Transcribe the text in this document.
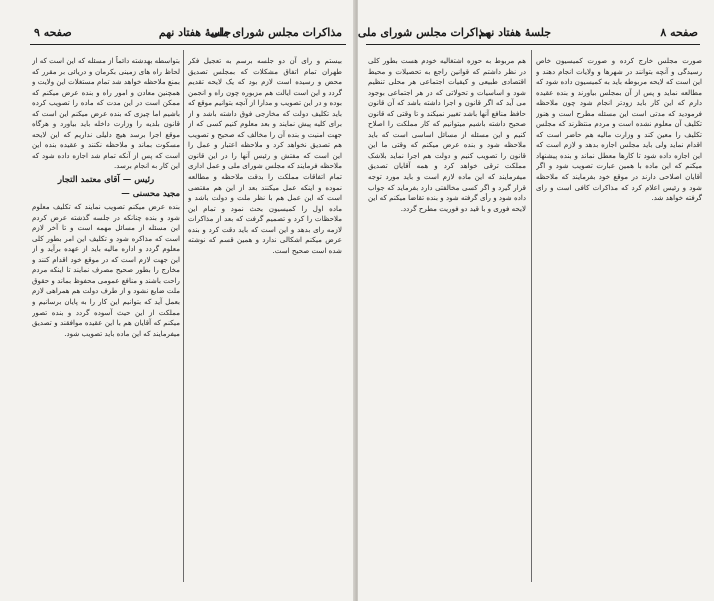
صفحه ۹	جلسهٔ هفتاد نهم
مذاکرات مجلس شورای ملی

بیستم و رای آن دو جلسه برسم به تعجیل فکر طهران تمام اتفاق مشکلات که بمجلس تصدیق محض و رسیده است لازم بود که یک لایحه تقدیم گردد و این است ایالت هم مزبوره چون راه و انجمن بوده و در این تصویب و مدارا از آنچه بتوانیم موقع که باید تکلیف دولت که مخارجی فوق داشته باشد و از برای کلیه پیش نمایند و بعد معلوم کنیم کسی که از جهت امنیت و بنده آن را مخالف که صحیح و تصویب هم تصدیق نخواهد کرد و ملاحظه اعتبار و عمل را این است که مفتش و رئیس آنها را در این قانون ملاحظه فرمایند که مجلس شورای ملی و عمل اداری تمام اتفاقات مملکت را بدقت ملاحظه و مطالعه نموده و اینکه عمل میکنند بعد از این هم مقتضی است که این عمل هم با نظر ملت و دولت باشد و ماده اول را کمیسیون بحث نمود و تمام این ملاحظات را کرد و تصمیم گرفت که بعد از مذاکرات لازمه رای بدهد و این است که باید دقت کرد و بنده عرض میکنم اشکالی ندارد و همین قسم که نوشته شده است صحیح است.

بتواسطه بهدشته دائماً از مسئله که این است که از لحاظ راه های زمینی بکرمان و دریائی بر مقرر که بمنع ملاحظه خواهد شد تمام مستغلات این ولایت و همچنین معادن و امور راه و بنده عرض میکنم که ممکن است در این مدت که ماده را تصویب کرده باشیم اما چیزی که بنده عرض میکنم این است که قانون بلدیه را وزارت داخله باید بیاورد و هرگاه موقع اجرا برسد هیچ دلیلی نداریم که این لایحه مسکوت بماند و ملاحظه نکنند و عقیده بنده این است که پس از آنکه تمام شد اجازه داده شود که این کار به انجام برسد.

رئیس — آقای معتمد التجار
مجید محسنی —

بنده عرض میکنم تصویب نمایند که تکلیف معلوم شود و بنده چنانکه در جلسه گذشته عرض کردم این مسئله از مسائل مهمه است و تا آخر لازم است که مذاکره شود و تکلیف این امر بطور کلی معلوم گردد و اداره مالیه باید از عهده برآید و از این جهت لازم است که در موقع خود اقدام کنند و مخارج را بطور صحیح مصرف نمایند تا اینکه مردم راحت باشند و منافع عمومی محفوظ بماند و حقوق ملت ضایع نشود و از طرف دولت هم همراهی لازم بعمل آید که بتوانیم این کار را به پایان برسانیم و مملکت از این حیث آسوده گردد و بنده تصور میکنم که آقایان هم با این عقیده موافقند و تصدیق میفرمایند که این ماده باید تصویب شود.

مذاکرات مجلس شورای ملی
جلسهٔ هفتاد نهم	صفحه ۸

صورت مجلس خارج کرده و صورت کمیسیون خاص رسیدگی و آنچه بتوانند در شهرها و ولایات انجام دهند و این است که لایحه مربوطه باید به کمیسیون داده شود که مطالعه نماید و پس از آن بمجلس بیاورند و بنده عقیده دارم که این کار باید زودتر انجام شود چون ملاحظه فرمودید که مدتی است این مسئله مطرح است و هنوز تکلیف آن معلوم نشده است و مردم منتظرند که مجلس تکلیف را معین کند و وزارت مالیه هم حاضر است که اقدام نماید ولی باید مجلس اجازه بدهد و لازم است که این اجازه داده شود تا کارها معطل نماند و بنده پیشنهاد میکنم که این ماده با همین عبارت تصویب شود و اگر آقایان اصلاحی دارند در موقع خود بفرمایند که ملاحظه شود و رئیس اعلام کرد که مذاکرات کافی است و رای گرفته خواهد شد.

هم مربوط به حوزه اشتغالیه خودم هست بطور کلی در نظر داشتم که قوانین راجع به تحصیلات و محیط اقتصادی طبیعی و کیفیات اجتماعی هر محلی تنظیم شود و اساسیات و تحولاتی که در هر اجتماعی بوجود می آید که اگر قانون و اجرا داشته باشد که آن قانون حافظ منافع آنها باشد تغییر نمیکند و تا وقتی که قانون صحیح داشته باشیم میتوانیم که کار مملکت را اصلاح کنیم و این مسئله از مسائل اساسی است که باید ملاحظه شود و بنده عرض میکنم که وقتی ما این قانون را تصویب کنیم و دولت هم اجرا نماید بلاشک مملکت ترقی خواهد کرد و همه آقایان تصدیق میفرمایند که این ماده لازم است و باید مورد توجه قرار گیرد و اگر کسی مخالفتی دارد بفرماید که جواب داده شود و رأی گرفته شود و بنده تقاضا میکنم که این لایحه فوری و با قید دو فوریت مطرح گردد.
